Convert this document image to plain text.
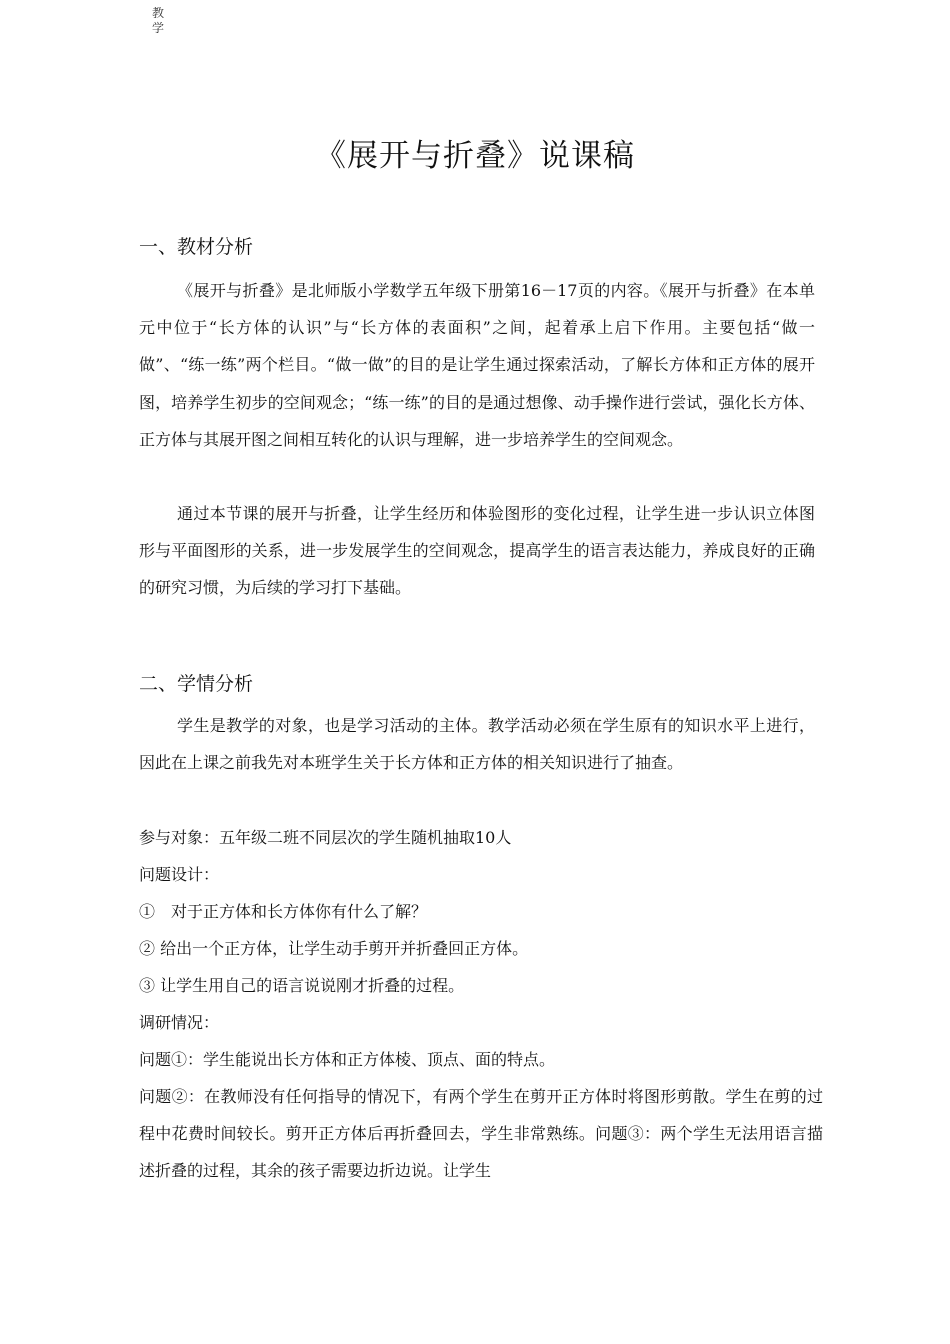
教学
《展开与折叠》说课稿
一、教材分析
《展开与折叠》是北师版小学数学五年级下册第16－17页的内容。《展开与折叠》在本单元中位于“长方体的认识”与“长方体的表面积”之间，起着承上启下作用。主要包括“做一做”、“练一练”两个栏目。“做一做”的目的是让学生通过探索活动，了解长方体和正方体的展开图，培养学生初步的空间观念；“练一练”的目的是通过想像、动手操作进行尝试，强化长方体、正方体与其展开图之间相互转化的认识与理解，进一步培养学生的空间观念。
通过本节课的展开与折叠，让学生经历和体验图形的变化过程，让学生进一步认识立体图形与平面图形的关系，进一步发展学生的空间观念，提高学生的语言表达能力，养成良好的正确的研究习惯，为后续的学习打下基础。
二、学情分析
学生是教学的对象，也是学习活动的主体。教学活动必须在学生原有的知识水平上进行，因此在上课之前我先对本班学生关于长方体和正方体的相关知识进行了抽查。
参与对象：五年级二班不同层次的学生随机抽取10人
问题设计：
①　对于正方体和长方体你有什么了解？
② 给出一个正方体，让学生动手剪开并折叠回正方体。
③ 让学生用自己的语言说说刚才折叠的过程。
调研情况：
问题①：学生能说出长方体和正方体棱、顶点、面的特点。
问题②：在教师没有任何指导的情况下，有两个学生在剪开正方体时将图形剪散。学生在剪的过程中花费时间较长。剪开正方体后再折叠回去，学生非常熟练。问题③：两个学生无法用语言描述折叠的过程，其余的孩子需要边折边说。让学生
